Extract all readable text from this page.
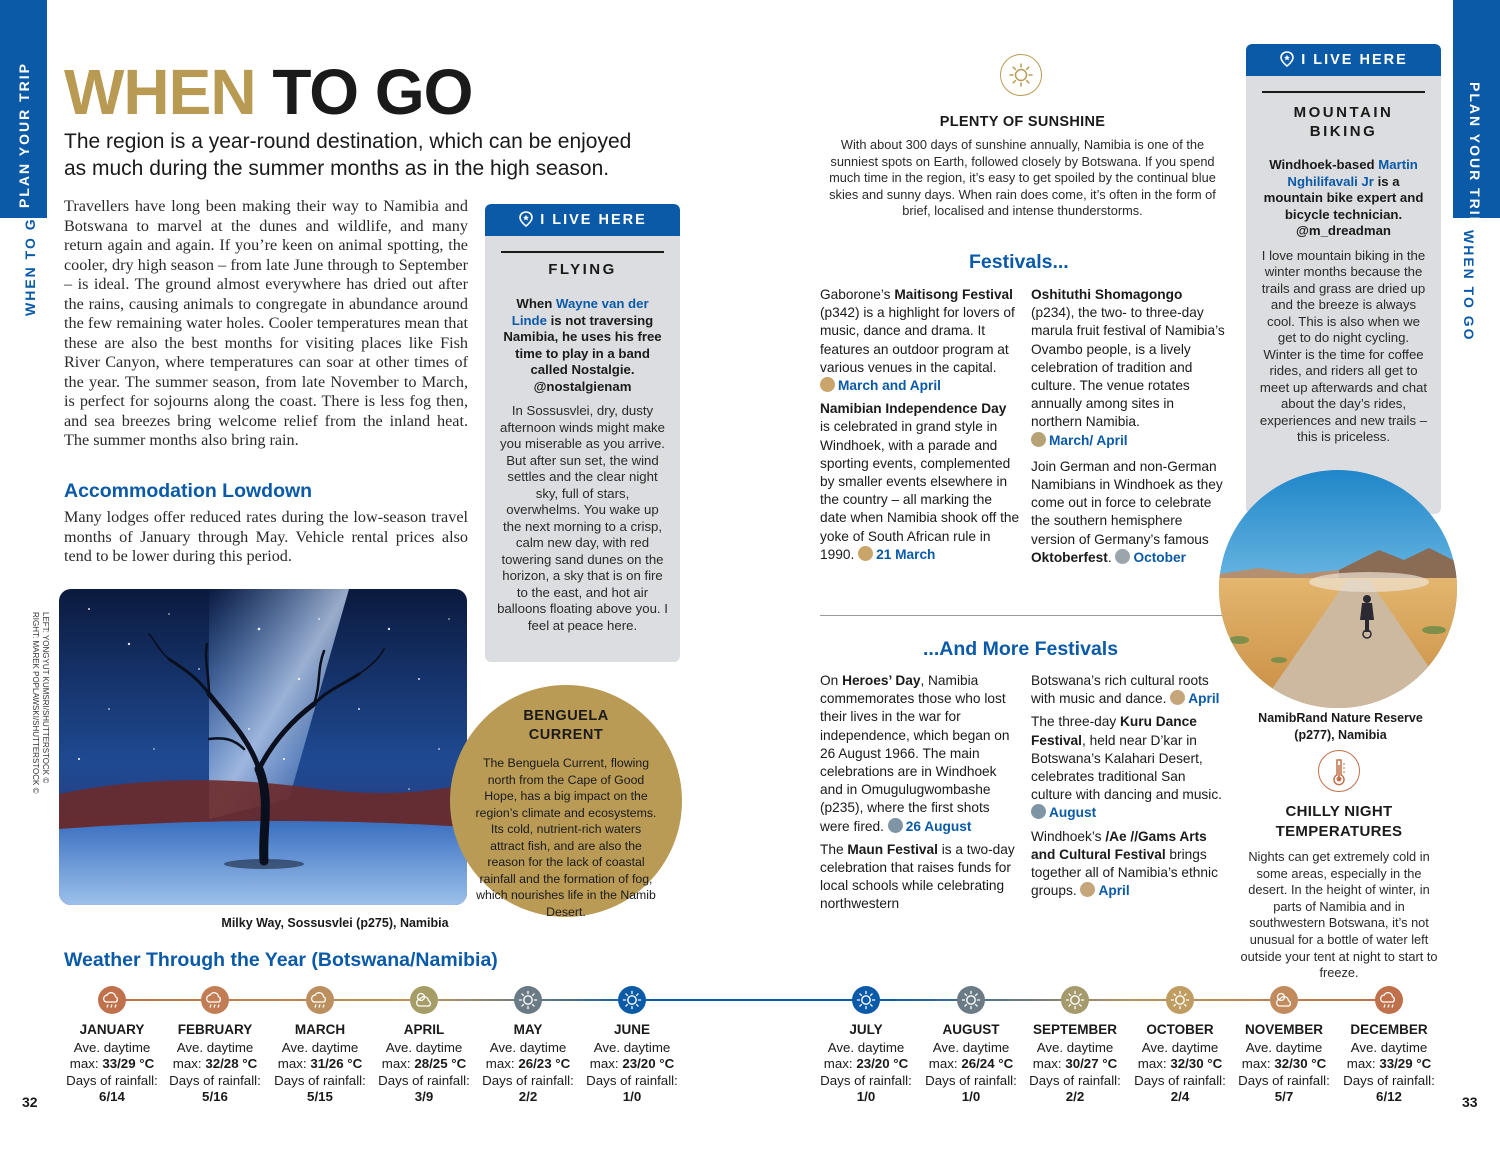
PLAN YOUR TRIP
WHEN TO GO
PLAN YOUR TRIP
WHEN TO GO
32	33
WHEN TO GO
The region is a year-round destination, which can be enjoyed as much during the summer months as in the high season.
Travellers have long been making their way to Namibia and Botswana to marvel at the dunes and wildlife, and many return again and again. If you’re keen on animal spotting, the cooler, dry high season – from late June through to September – is ideal. The ground almost everywhere has dried out after the rains, causing animals to congregate in abundance around the few remaining water holes. Cooler temperatures mean that these are also the best months for visiting places like Fish River Canyon, where temperatures can soar at other times of the year. The summer season, from late November to March, is perfect for sojourns along the coast. There is less fog then, and sea breezes bring welcome relief from the inland heat. The summer months also bring rain.
Accommodation Lowdown
Many lodges offer reduced rates during the low-season travel months of January through May. Vehicle rental prices also tend to be lower during this period.
I LIVE HERE
FLYING
When Wayne van der Linde is not traversing Namibia, he uses his free time to play in a band called Nostalgie. @nostalgienam
In Sossusvlei, dry, dusty afternoon winds might make you miserable as you arrive. But after sun set, the wind settles and the clear night sky, full of stars, overwhelms. You wake up the next morning to a crisp, calm new day, with red towering sand dunes on the horizon, a sky that is on fire to the east, and hot air balloons floating above you. I feel at peace here.
LEFT: YONGYUT KUMSRI/SHUTTERSTOCK ©
RIGHT: MAREK POPLAWSKI/SHUTTERSTOCK ©
Milky Way, Sossusvlei (p275), Namibia
BENGUELA
CURRENT
The Benguela Current, flowing north from the Cape of Good Hope, has a big impact on the region’s climate and ecosystems. Its cold, nutrient-rich waters attract fish, and are also the reason for the lack of coastal rainfall and the formation of fog, which nourishes life in the Namib Desert.
PLENTY OF SUNSHINE
With about 300 days of sunshine annually, Namibia is one of the sunniest spots on Earth, followed closely by Botswana. If you spend much time in the region, it’s easy to get spoiled by the continual blue skies and sunny days. When rain does come, it’s often in the form of brief, localised and intense thunderstorms.
Festivals...

Gaborone’s Maitisong Festival (p342) is a highlight for lovers of music, dance and drama. It features an outdoor program at various venues in the capital.
March and April

Namibian Independence Day is celebrated in grand style in Windhoek, with a parade and sporting events, complemented by smaller events elsewhere in the country – all marking the date when Namibia shook off the yoke of South African rule in 1990. 21 March

Oshituthi Shomagongo (p234), the two- to three-day marula fruit festival of Namibia’s Ovambo people, is a lively celebration of tradition and culture. The venue rotates annually among sites in northern Namibia. March/ April

Join German and non-German Namibians in Windhoek as they come out in force to celebrate the southern hemisphere version of Germany’s famous Oktoberfest. October

...And More Festivals

On Heroes’ Day, Namibia commemorates those who lost their lives in the war for independence, which began on 26 August 1966. The main celebrations are in Windhoek and in Omugulugwombashe (p235), where the first shots were fired. 26 August

The Maun Festival is a two-day celebration that raises funds for local schools while celebrating northwestern

Botswana’s rich cultural roots with music and dance. April

The three-day Kuru Dance Festival, held near D’kar in Botswana’s Kalahari Desert, celebrates traditional San culture with dancing and music. August

Windhoek’s /Ae //Gams Arts and Cultural Festival brings together all of Namibia’s ethnic groups. April

I LIVE HERE
MOUNTAIN
BIKING
Windhoek-based Martin Nghilifavali Jr is a mountain bike expert and bicycle technician. @m_dreadman
I love mountain biking in the winter months because the trails and grass are dried up and the breeze is always cool. This is also when we get to do night cycling. Winter is the time for coffee rides, and riders all get to meet up afterwards and chat about the day’s rides, experiences and new trails – this is priceless.
NamibRand Nature Reserve (p277), Namibia
CHILLY NIGHT
TEMPERATURES
Nights can get extremely cold in some areas, especially in the desert. In the height of winter, in parts of Namibia and in southwestern Botswana, it’s not unusual for a bottle of water left outside your tent at night to start to freeze.
Weather Through the Year (Botswana/Namibia)
JANUARY
Ave. daytime
max: 33/29 °C
Days of rainfall:
6/14
FEBRUARY
Ave. daytime
max: 32/28 °C
Days of rainfall:
5/16
MARCH
Ave. daytime
max: 31/26 °C
Days of rainfall:
5/15
APRIL
Ave. daytime
max: 28/25 °C
Days of rainfall:
3/9
MAY
Ave. daytime
max: 26/23 °C
Days of rainfall:
2/2
JUNE
Ave. daytime
max: 23/20 °C
Days of rainfall:
1/0
JULY
Ave. daytime
max: 23/20 °C
Days of rainfall:
1/0
AUGUST
Ave. daytime
max: 26/24 °C
Days of rainfall:
1/0
SEPTEMBER
Ave. daytime
max: 30/27 °C
Days of rainfall:
2/2
OCTOBER
Ave. daytime
max: 32/30 °C
Days of rainfall:
2/4
NOVEMBER
Ave. daytime
max: 32/30 °C
Days of rainfall:
5/7
DECEMBER
Ave. daytime
max: 33/29 °C
Days of rainfall:
6/12
